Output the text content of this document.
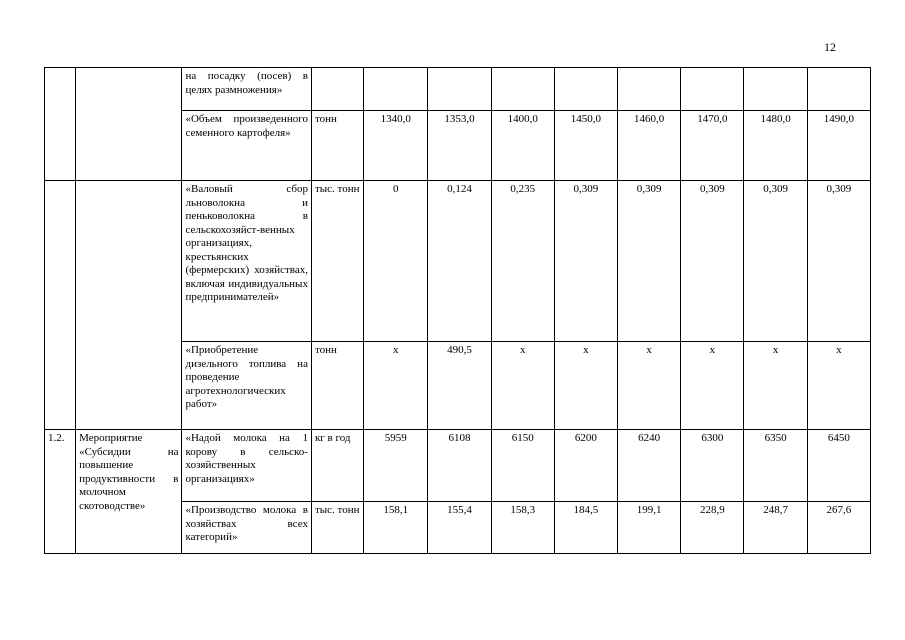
12
		на посадку (посев) в целях размножения»									
		«Объем произведенного семенного картофеля»	тонн	1340,0	1353,0	1400,0	1450,0	1460,0	1470,0	1480,0	1490,0
		«Валовый сбор льноволокна и пеньковолокна в сельскохозяйст-венных организациях, крестьянских (фермерских) хозяйствах, включая индивидуальных предпринимателей»	тыс. тонн	0	0,124	0,235	0,309	0,309	0,309	0,309	0,309
		«Приобретение дизельного топлива на проведение агротехнологических работ»	тонн	х	490,5	х	х	х	х	х	х
1.2.	Мероприятие «Субсидии на повышение продуктивности в молочном скотоводстве»	«Надой молока на 1 корову в сельско-хозяйственных организациях»	кг в год	5959	6108	6150	6200	6240	6300	6350	6450
		«Производство молока в хозяйствах всех категорий»	тыс. тонн	158,1	155,4	158,3	184,5	199,1	228,9	248,7	267,6
